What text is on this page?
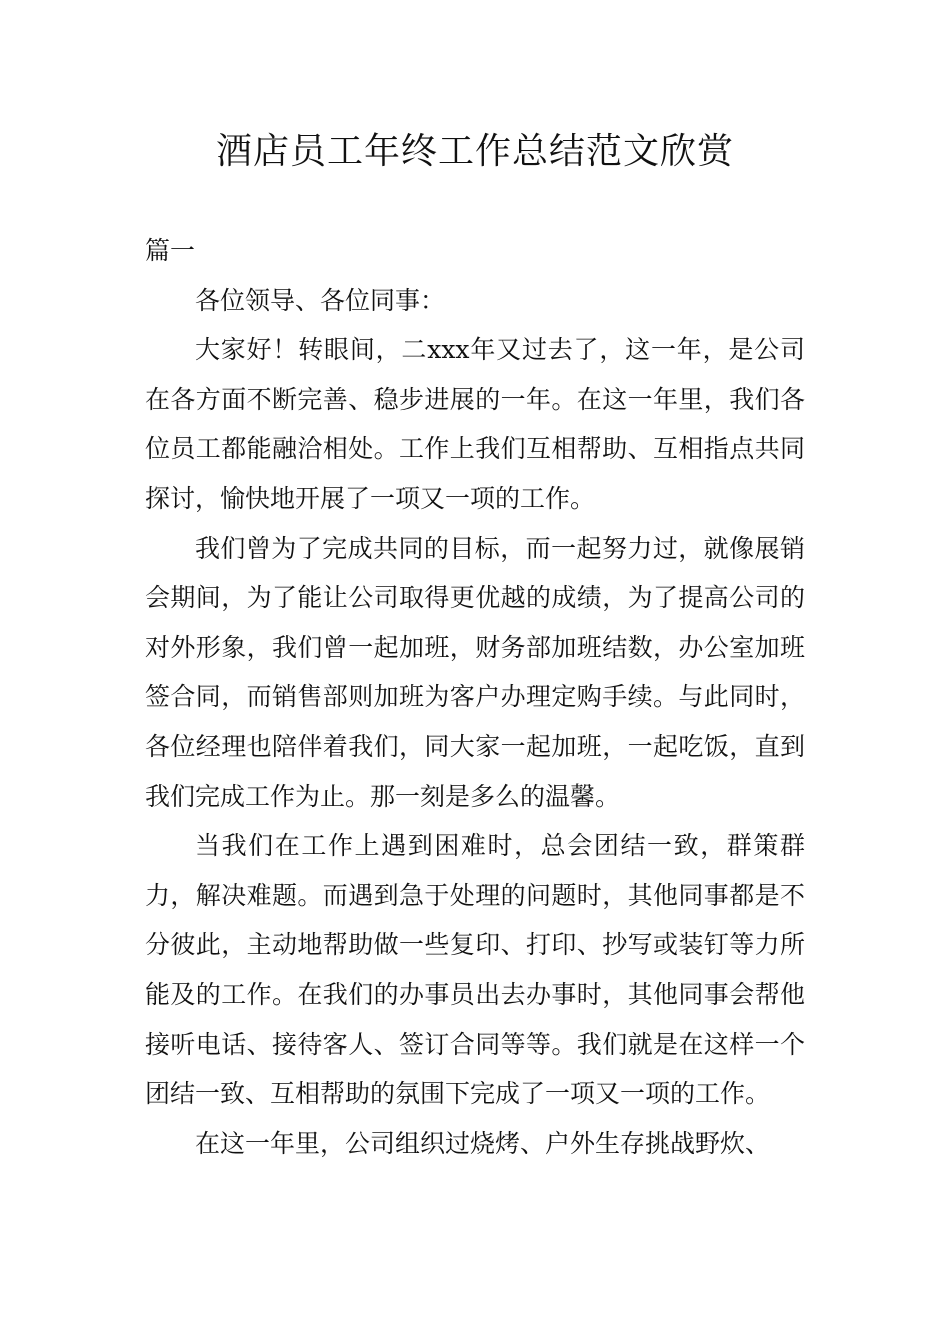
酒店员工年终工作总结范文欣赏

篇一

各位领导、各位同事：

大家好！转眼间，二xxx年又过去了，这一年，是公司在各方面不断完善、稳步进展的一年。在这一年里，我们各位员工都能融洽相处。工作上我们互相帮助、互相指点共同探讨，愉快地开展了一项又一项的工作。

我们曾为了完成共同的目标，而一起努力过，就像展销会期间，为了能让公司取得更优越的成绩，为了提高公司的对外形象，我们曾一起加班，财务部加班结数，办公室加班签合同，而销售部则加班为客户办理定购手续。与此同时，各位经理也陪伴着我们，同大家一起加班，一起吃饭，直到我们完成工作为止。那一刻是多么的温馨。

当我们在工作上遇到困难时，总会团结一致，群策群力，解决难题。而遇到急于处理的问题时，其他同事都是不分彼此，主动地帮助做一些复印、打印、抄写或装钉等力所能及的工作。在我们的办事员出去办事时，其他同事会帮他接听电话、接待客人、签订合同等等。我们就是在这样一个团结一致、互相帮助的氛围下完成了一项又一项的工作。

在这一年里，公司组织过烧烤、户外生存挑战野炊、
